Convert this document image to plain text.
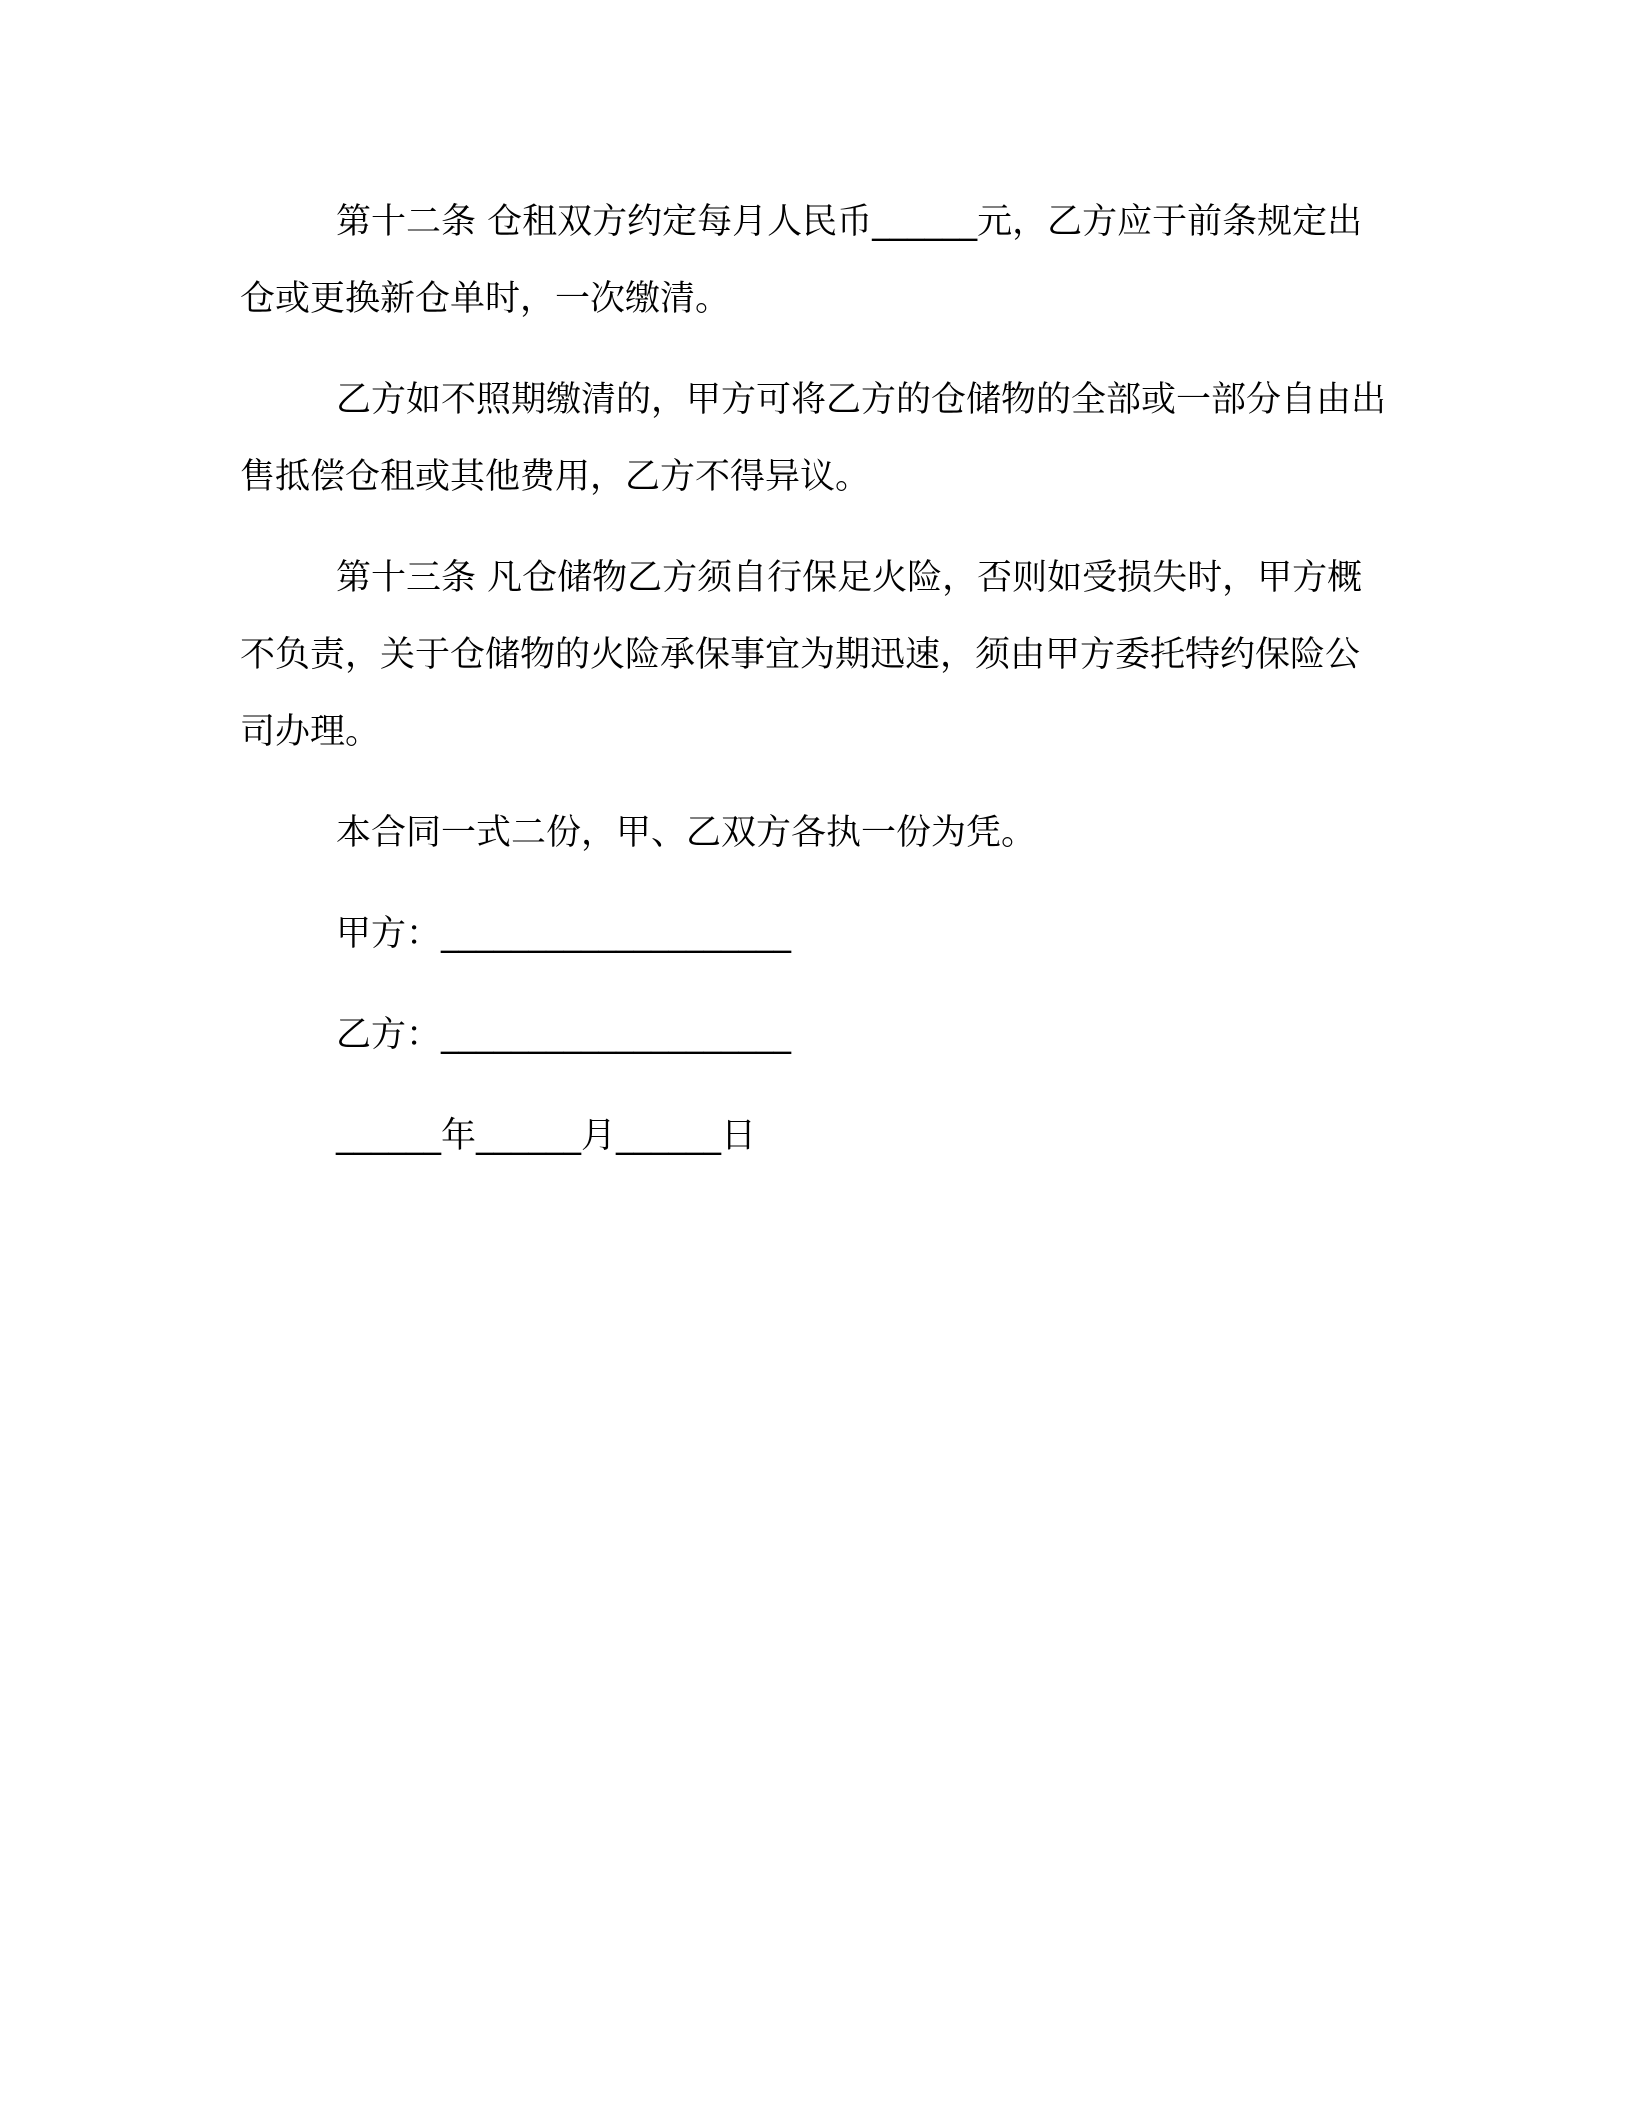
第十二条 仓租双方约定每月人民币______元，乙方应于前条规定出仓或更换新仓单时，一次缴清。

乙方如不照期缴清的，甲方可将乙方的仓储物的全部或一部分自由出售抵偿仓租或其他费用，乙方不得异议。

第十三条 凡仓储物乙方须自行保足火险，否则如受损失时，甲方概不负责，关于仓储物的火险承保事宜为期迅速，须由甲方委托特约保险公司办理。

本合同一式二份，甲、乙双方各执一份为凭。

甲方：____________________
乙方：____________________
______年______月______日
